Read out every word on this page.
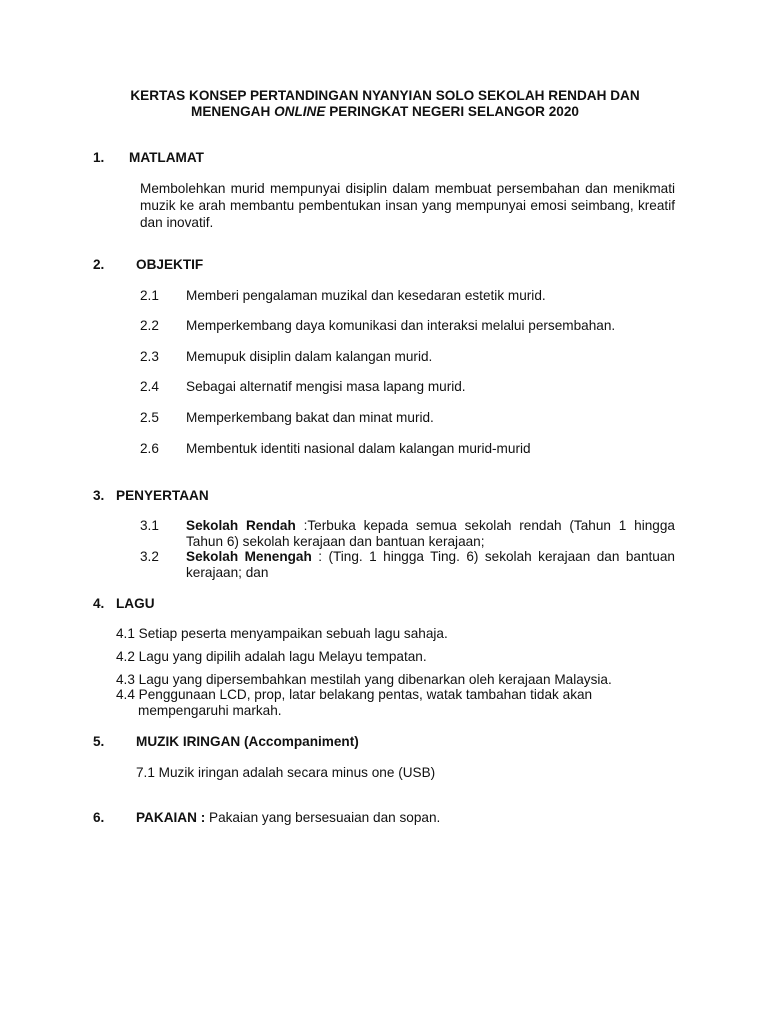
KERTAS KONSEP PERTANDINGAN NYANYIAN SOLO SEKOLAH RENDAH DAN
MENENGAH ONLINE PERINGKAT NEGERI SELANGOR 2020
1. MATLAMAT
Membolehkan murid mempunyai disiplin dalam membuat persembahan dan menikmati muzik ke arah membantu pembentukan insan yang mempunyai emosi seimbang, kreatif dan inovatif.
2. OBJEKTIF
2.1 Memberi pengalaman muzikal dan kesedaran estetik murid.
2.2 Memperkembang daya komunikasi dan interaksi melalui persembahan.
2.3 Memupuk disiplin dalam kalangan murid.
2.4 Sebagai alternatif mengisi masa lapang murid.
2.5 Memperkembang bakat dan minat murid.
2.6 Membentuk identiti nasional dalam kalangan murid-murid
3. PENYERTAAN
3.1 Sekolah Rendah :Terbuka kepada semua sekolah rendah (Tahun 1 hingga Tahun 6) sekolah kerajaan dan bantuan kerajaan;
3.2 Sekolah Menengah : (Ting. 1 hingga Ting. 6) sekolah kerajaan dan bantuan kerajaan; dan
4. LAGU
4.1 Setiap peserta menyampaikan sebuah lagu sahaja.
4.2 Lagu yang dipilih adalah lagu Melayu tempatan.
4.3 Lagu yang dipersembahkan mestilah yang dibenarkan oleh kerajaan Malaysia.
4.4 Penggunaan LCD, prop, latar belakang pentas, watak tambahan tidak akan
mempengaruhi markah.
5. MUZIK IRINGAN (Accompaniment)
7.1 Muzik iringan adalah secara minus one (USB)
6. PAKAIAN : Pakaian yang bersesuaian dan sopan.
